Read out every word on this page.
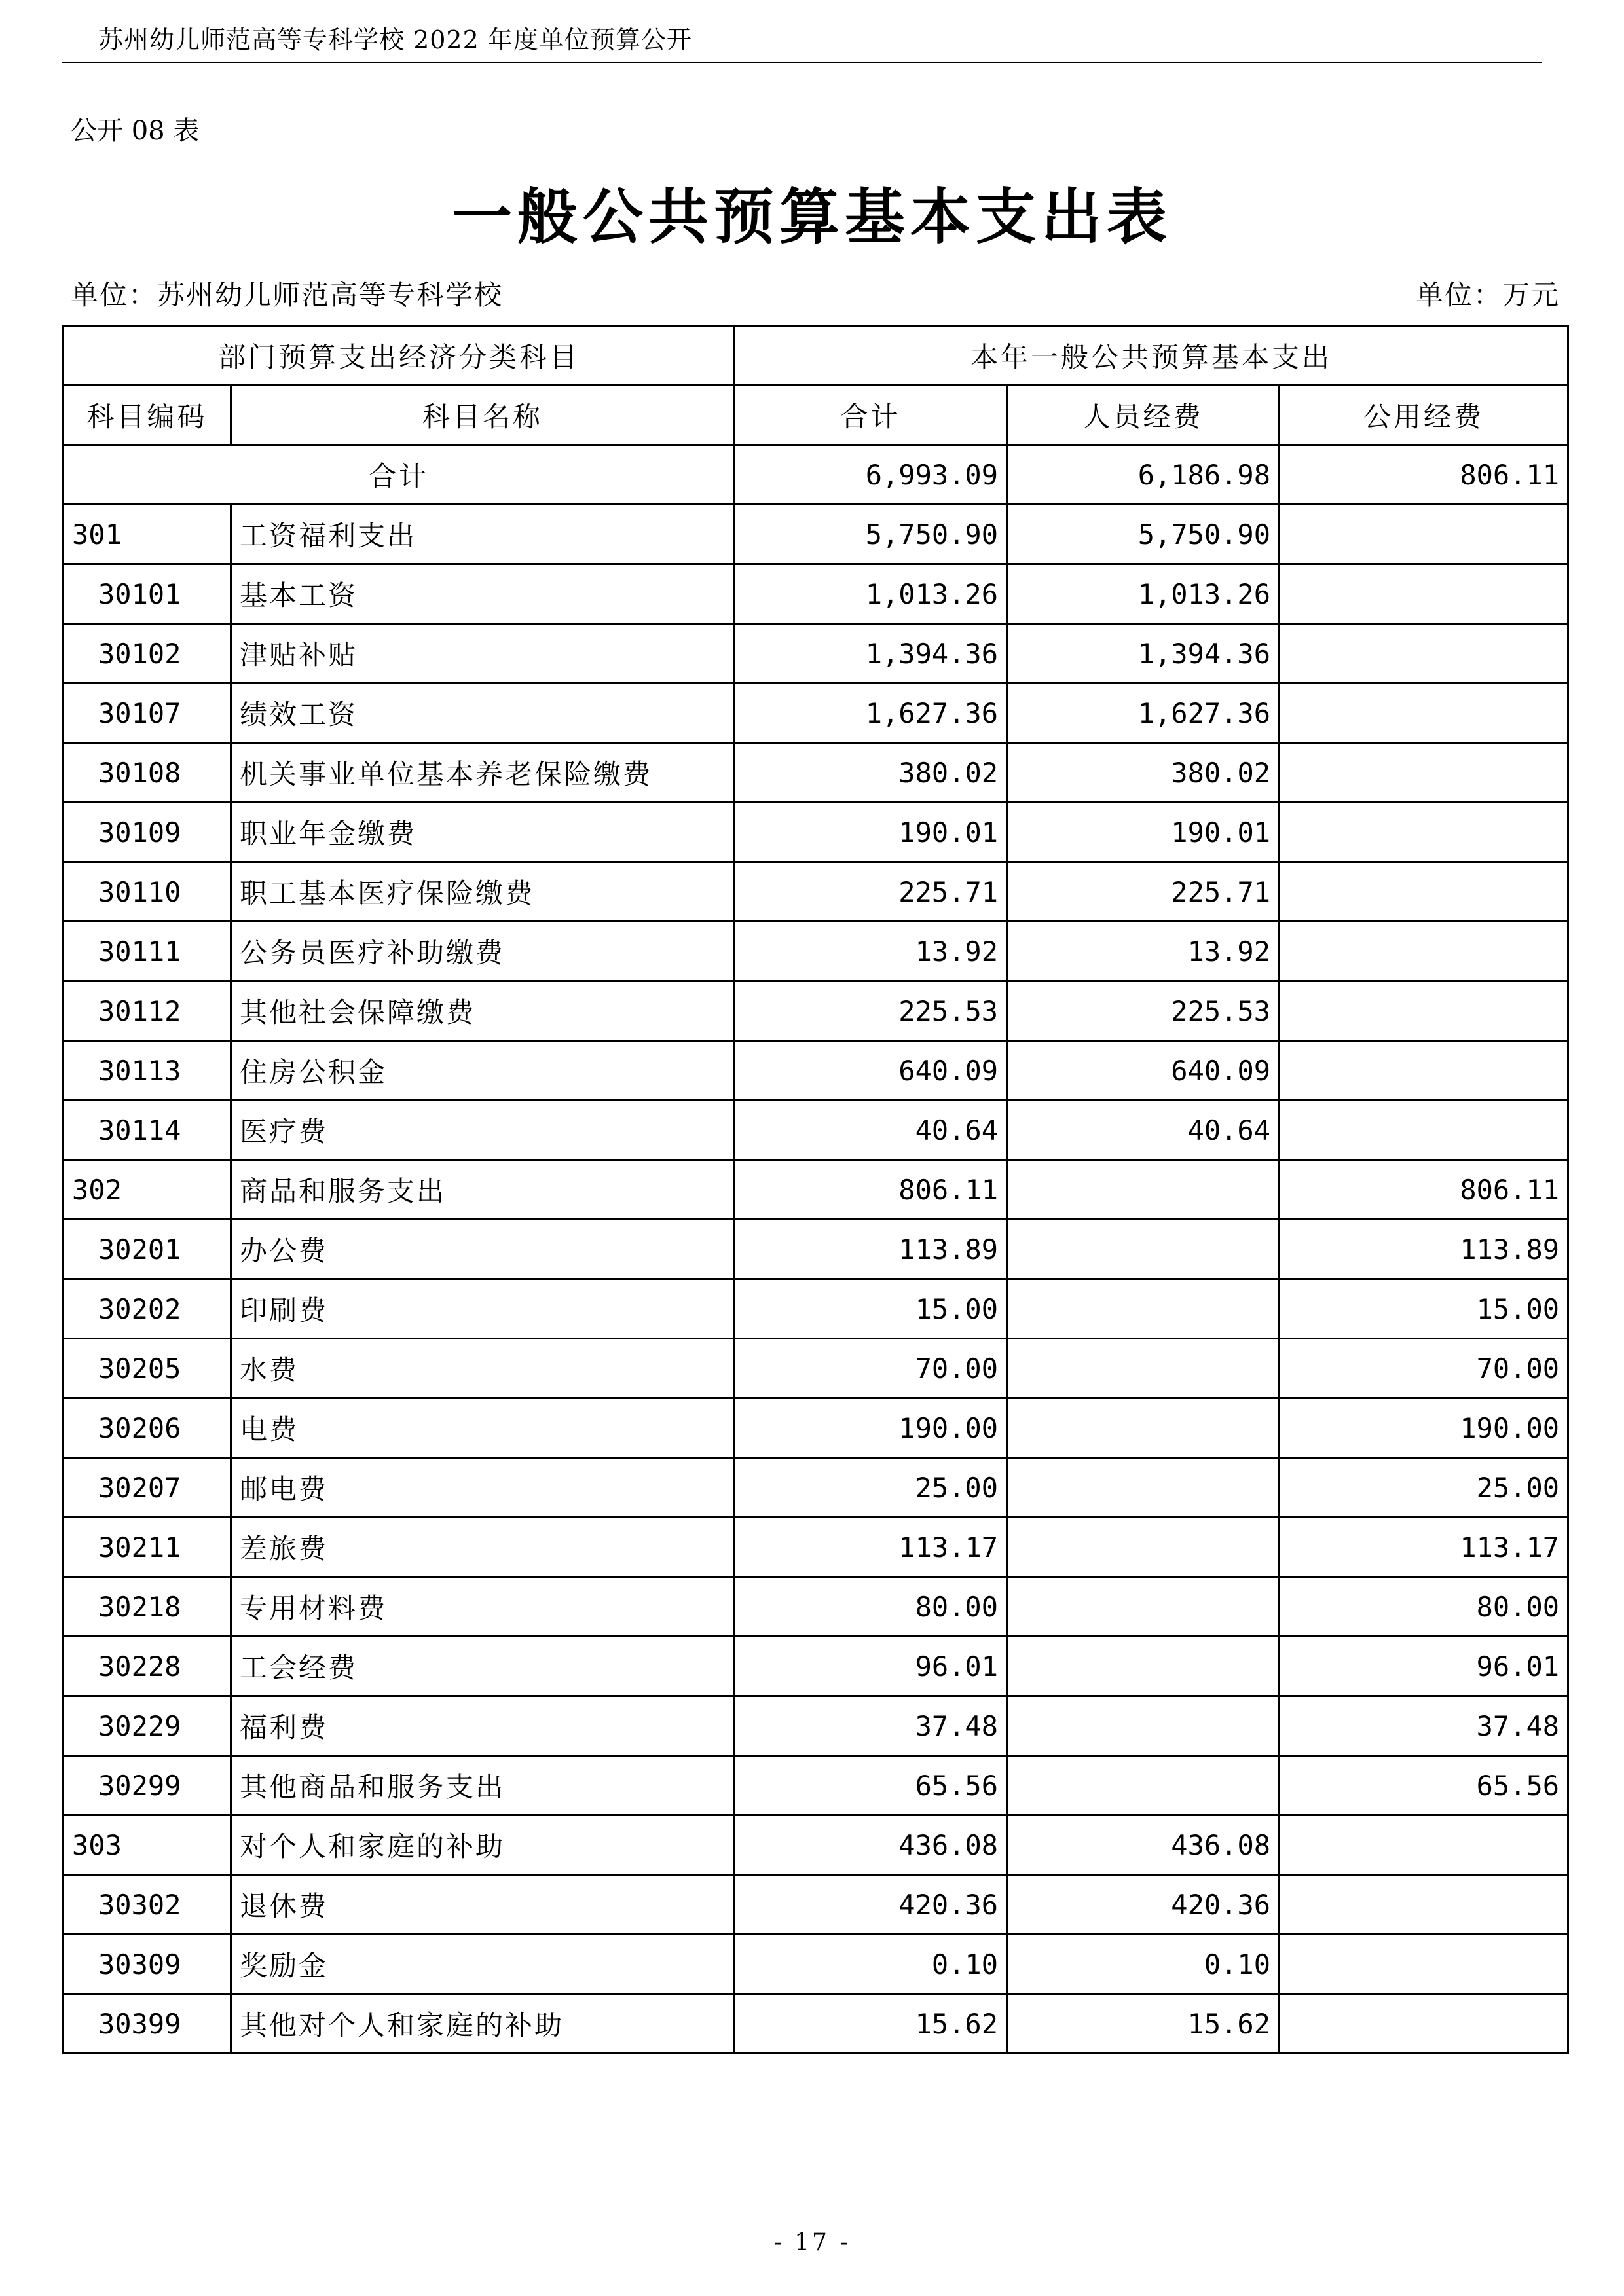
苏州幼儿师范高等专科学校 2022 年度单位预算公开
公开 08 表
一般公共预算基本支出表
单位：苏州幼儿师范高等专科学校	单位：万元
部门预算支出经济分类科目		本年一般公共预算基本支出		
科目编码	科目名称	合计	人员经费	公用经费
合计		6,993.09	6,186.98	806.11
301	工资福利支出	5,750.90	5,750.90	
30101	基本工资	1,013.26	1,013.26	
30102	津贴补贴	1,394.36	1,394.36	
30107	绩效工资	1,627.36	1,627.36	
30108	机关事业单位基本养老保险缴费	380.02	380.02	
30109	职业年金缴费	190.01	190.01	
30110	职工基本医疗保险缴费	225.71	225.71	
30111	公务员医疗补助缴费	13.92	13.92	
30112	其他社会保障缴费	225.53	225.53	
30113	住房公积金	640.09	640.09	
30114	医疗费	40.64	40.64	
302	商品和服务支出	806.11		806.11
30201	办公费	113.89		113.89
30202	印刷费	15.00		15.00
30205	水费	70.00		70.00
30206	电费	190.00		190.00
30207	邮电费	25.00		25.00
30211	差旅费	113.17		113.17
30218	专用材料费	80.00		80.00
30228	工会经费	96.01		96.01
30229	福利费	37.48		37.48
30299	其他商品和服务支出	65.56		65.56
303	对个人和家庭的补助	436.08	436.08	
30302	退休费	420.36	420.36	
30309	奖励金	0.10	0.10	
30399	其他对个人和家庭的补助	15.62	15.62	
- 17 -
